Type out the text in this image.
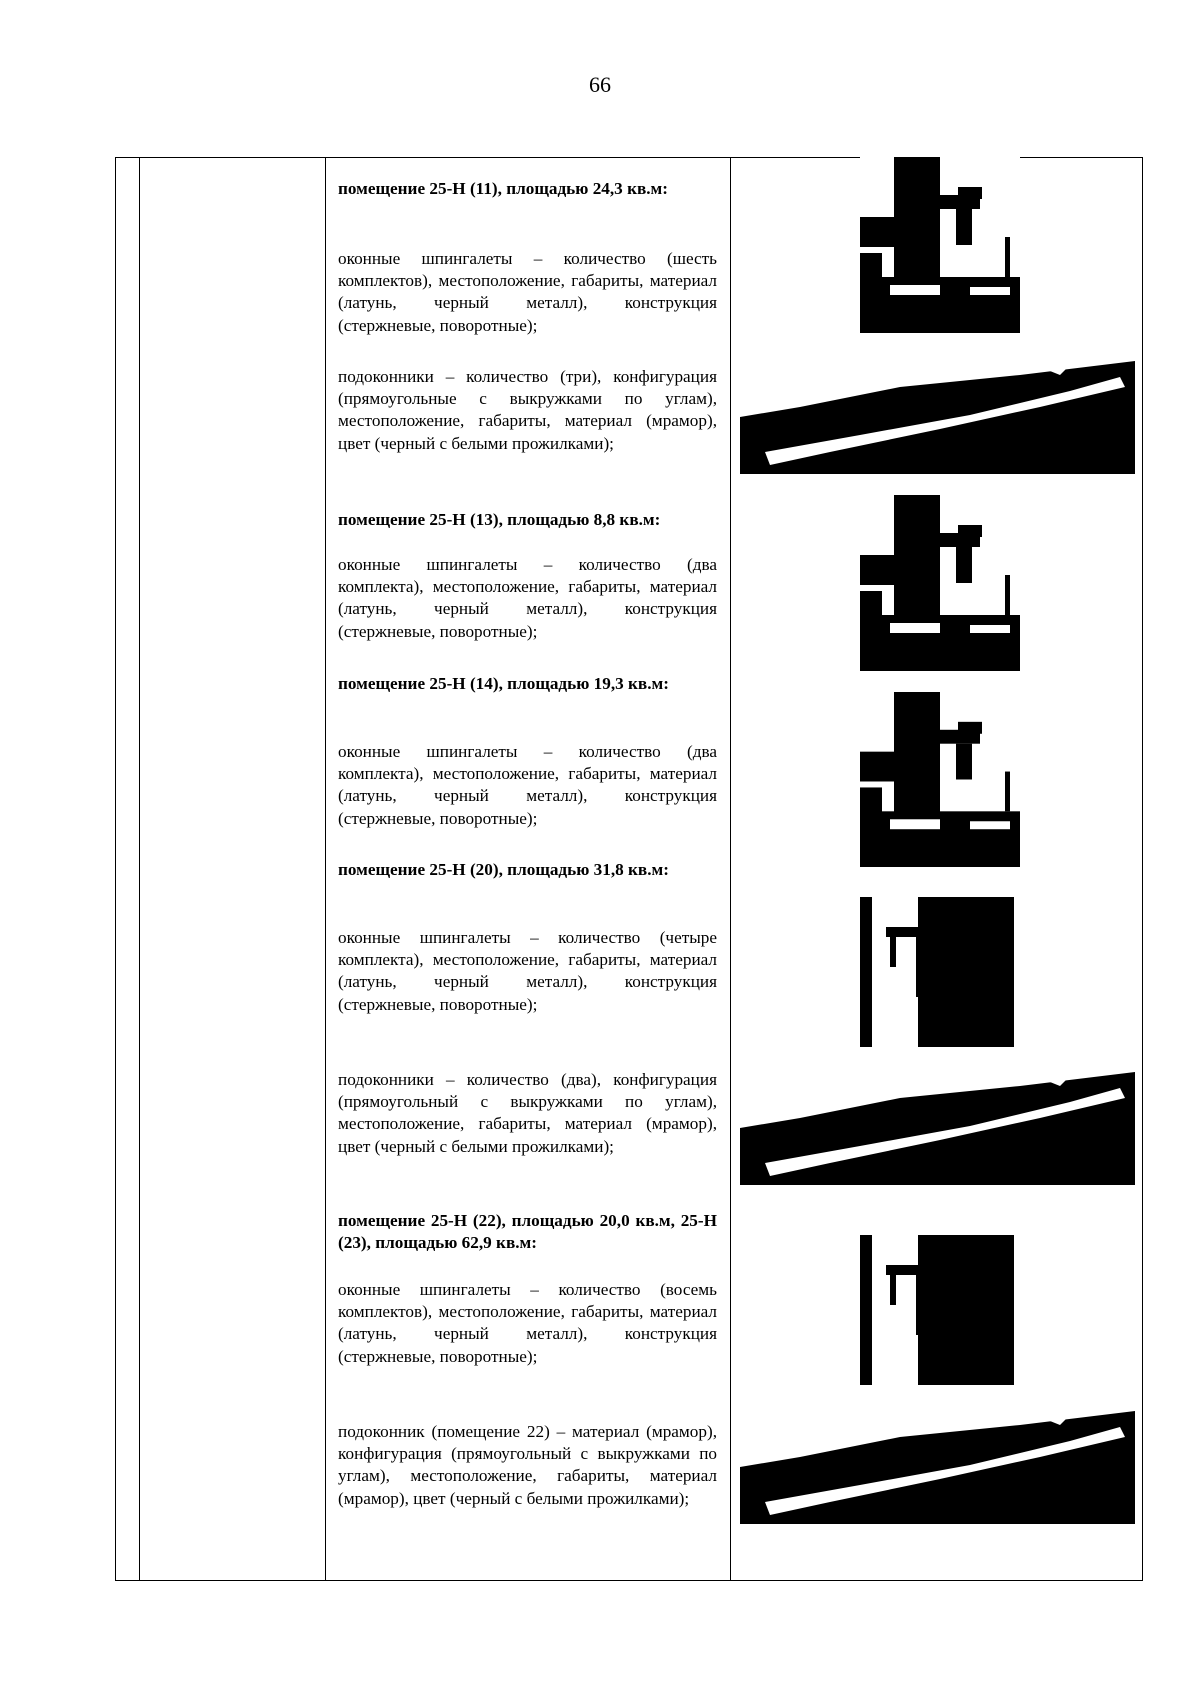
66
помещение 25-Н (11), площадью 24,3 кв.м:
оконные шпингалеты – количество (шесть комплектов), местоположение, габариты, материал (латунь, черный металл), конструкция (стержневые, поворотные);
подоконники – количество (три), конфигурация (прямоугольные с выкружками по углам), местоположение, габариты, материал (мрамор), цвет (черный с белыми прожилками);
помещение 25-Н (13), площадью 8,8 кв.м:
оконные шпингалеты – количество (два комплекта), местоположение, габариты, материал (латунь, черный металл), конструкция (стержневые, поворотные);
помещение 25-Н (14), площадью 19,3 кв.м:
оконные шпингалеты – количество (два комплекта), местоположение, габариты, материал (латунь, черный металл), конструкция (стержневые, поворотные);
помещение 25-Н (20), площадью 31,8 кв.м:
оконные шпингалеты – количество (четыре комплекта), местоположение, габариты, материал (латунь, черный металл), конструкция (стержневые, поворотные);
подоконники – количество (два), конфигурация (прямоугольный с выкружками по углам), местоположение, габариты, материал (мрамор), цвет (черный с белыми прожилками);
помещение 25-Н (22), площадью 20,0 кв.м, 25-Н (23), площадью 62,9 кв.м:
оконные шпингалеты – количество (восемь комплектов), местоположение, габариты, материал (латунь, черный металл), конструкция (стержневые, поворотные);
подоконник (помещение 22) – материал (мрамор), конфигурация (прямоугольный с выкружками по углам), местоположение, габариты, материал (мрамор), цвет (черный с белыми прожилками);
